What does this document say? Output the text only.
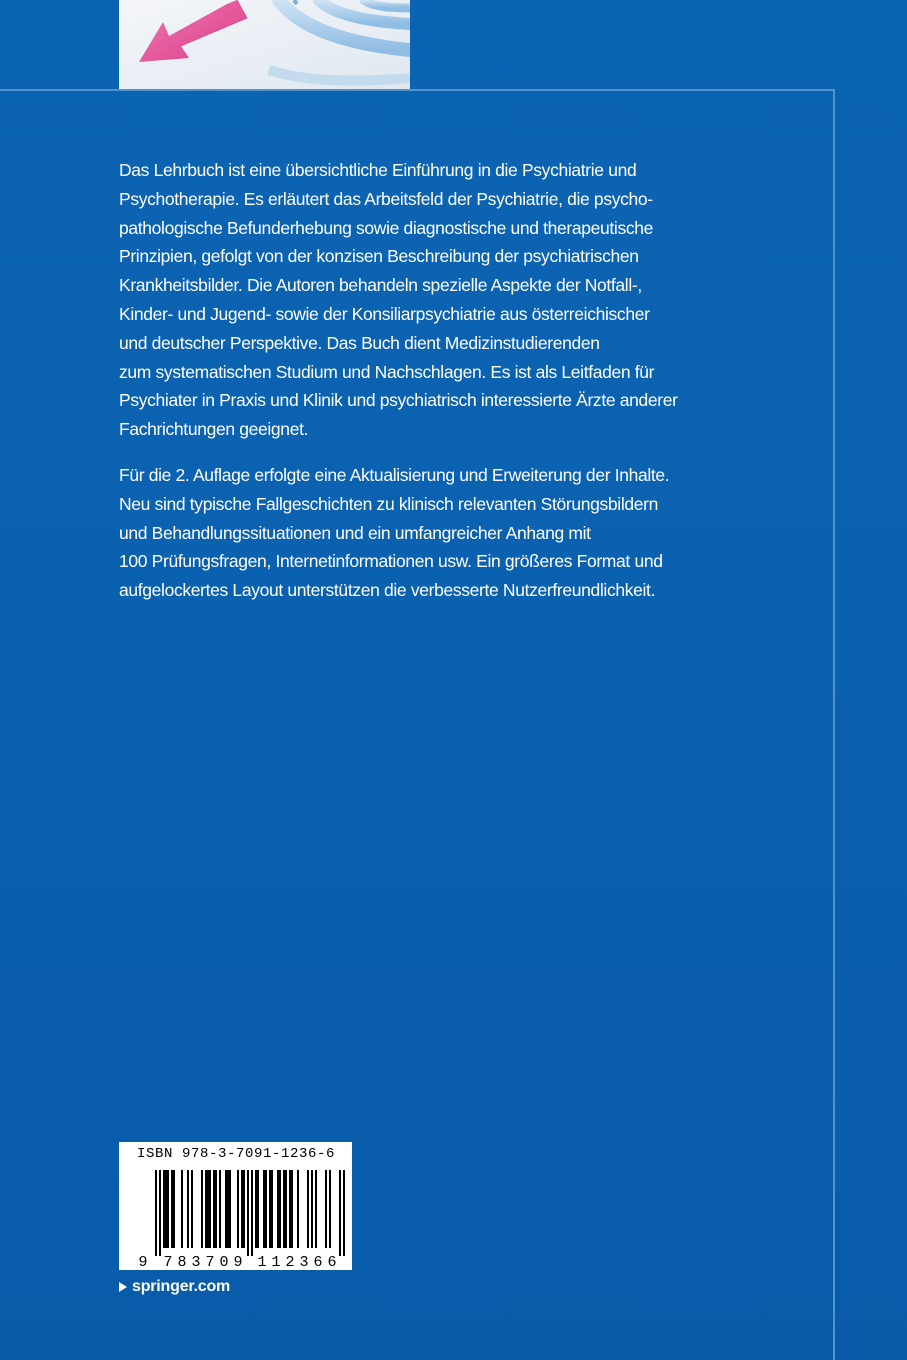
Das Lehrbuch ist eine übersichtliche Einführung in die Psychiatrie und
Psychotherapie. Es erläutert das Arbeitsfeld der Psychiatrie, die psycho-
pathologische Befunderhebung sowie diagnostische und therapeutische
Prinzipien, gefolgt von der konzisen Beschreibung der psychiatrischen
Krankheitsbilder. Die Autoren behandeln spezielle Aspekte der Notfall-,
Kinder- und Jugend- sowie der Konsiliarpsychiatrie aus österreichischer
und deutscher Perspektive. Das Buch dient Medizinstudierenden
zum systematischen Studium und Nachschlagen. Es ist als Leitfaden für
Psychiater in Praxis und Klinik und psychiatrisch interessierte Ärzte anderer
Fachrichtungen geeignet.

Für die 2. Auflage erfolgte eine Aktualisierung und Erweiterung der Inhalte.
Neu sind typische Fallgeschichten zu klinisch relevanten Störungsbildern
und Behandlungssituationen und ein umfangreicher Anhang mit
100 Prüfungsfragen, Internetinformationen usw. Ein größeres Format und
aufgelockertes Layout unterstützen die verbesserte Nutzerfreundlichkeit.

ISBN 978-3-7091-1236-6
9 7 8 3 7 0 9 1 1 2 3 6 6
springer.com
